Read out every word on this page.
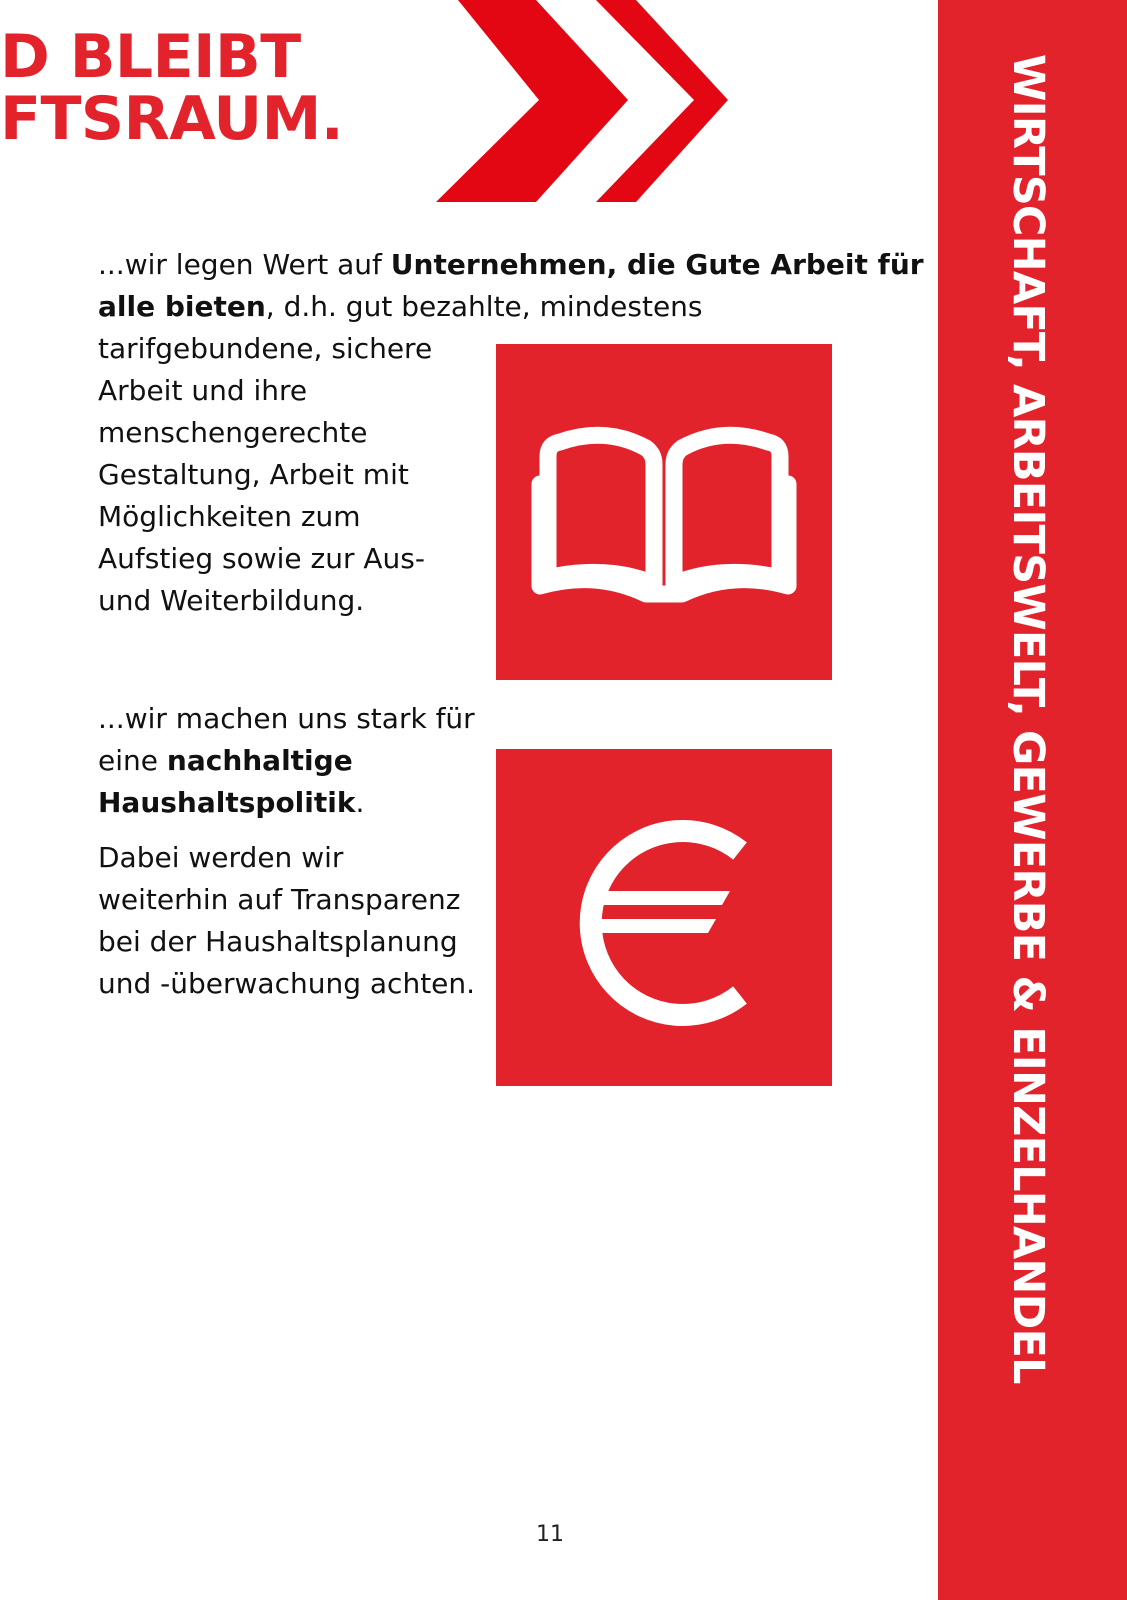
D BLEIBT
FTSRAUM.
...wir legen Wert auf Unternehmen, die Gute Arbeit für
alle bieten, d.h. gut bezahlte, mindestens
tarifgebundene, sichere Arbeit und ihre menschengerechte Gestaltung, Arbeit mit Möglichkeiten zum Aufstieg sowie zur Aus- und Weiterbildung.
...wir machen uns stark für eine nachhaltige Haushaltspolitik.
Dabei werden wir weiterhin auf Transparenz bei der Haushaltsplanung und -überwachung achten.	WIRTSCHAFT, ARBEITSWELT, GEWERBE & EINZELHANDEL
11
